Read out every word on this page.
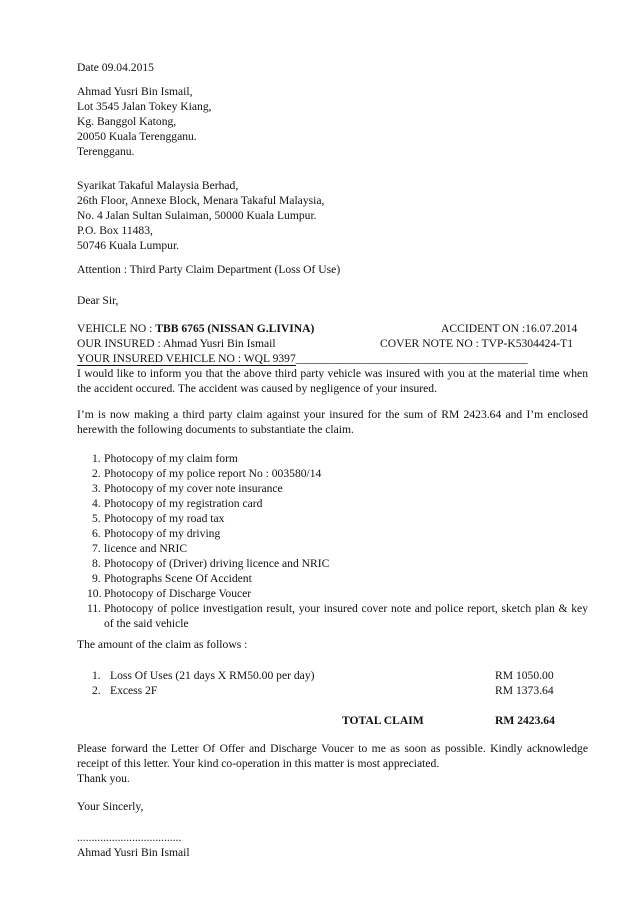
Date 09.04.2015
Ahmad Yusri Bin Ismail,
Lot 3545 Jalan Tokey Kiang,
Kg. Banggol Katong,
20050 Kuala Terengganu.
Terengganu.
Syarikat Takaful Malaysia Berhad,
26th Floor, Annexe Block, Menara Takaful Malaysia,
No. 4 Jalan Sultan Sulaiman, 50000 Kuala Lumpur.
P.O. Box 11483,
50746 Kuala Lumpur.
Attention : Third Party Claim Department (Loss Of Use)
Dear Sir,
VEHICLE NO : TBB 6765 (NISSAN G.LIVINA)	ACCIDENT ON :16.07.2014
OUR INSURED : Ahmad Yusri Bin Ismail	COVER NOTE NO : TVP-K5304424-T1
YOUR INSURED VEHICLE NO : WQL 9397________________________________________
I would like to inform you that the above third party vehicle was insured with you at the material time when the accident occured. The accident was caused by negligence of your insured.
I’m is now making a third party claim against your insured for the sum of RM 2423.64 and I’m enclosed herewith the following documents to substantiate the claim.
1. Photocopy of my claim form
2. Photocopy of my police report No : 003580/14
3. Photocopy of my cover note insurance
4. Photocopy of my registration card
5. Photocopy of my road tax
6. Photocopy of my driving
7. licence and NRIC
8. Photocopy of (Driver) driving licence and NRIC
9. Photographs Scene Of Accident
10. Photocopy of Discharge Voucer
11. Photocopy of police investigation result, your insured cover note and police report, sketch plan & key of the said vehicle
The amount of the claim as follows :
1. Loss Of Uses (21 days X RM50.00 per day)	RM 1050.00
2. Excess 2F	RM 1373.64
TOTAL CLAIM	RM 2423.64
Please forward the Letter Of Offer and Discharge Voucer to me as soon as possible. Kindly acknowledge receipt of this letter. Your kind co-operation in this matter is most appreciated.
Thank you.
Your Sincerly,
....................................
Ahmad Yusri Bin Ismail
